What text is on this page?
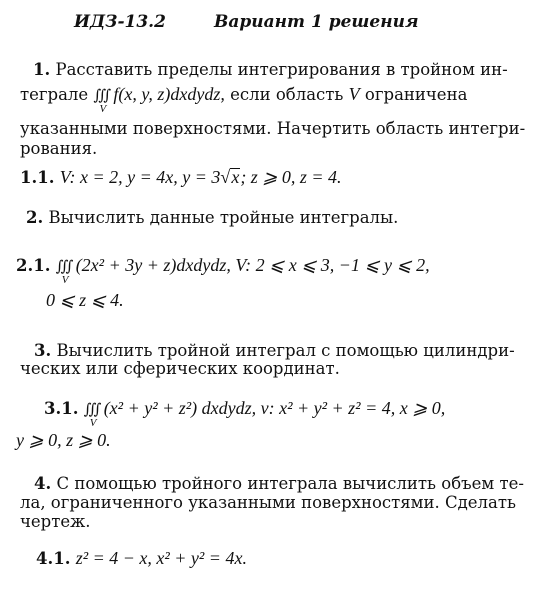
ИДЗ-13.2	Вариант 1 решения
1. Расставить пределы интегрирования в тройном ин-
теграле ∭
V
f(x, y, z)dxdydz, если область V ограничена
указанными поверхностями. Начертить область интегри-
рования.
1.1. V: x = 2, y = 4x, y = 3√x; z ⩾ 0, z = 4.
2. Вычислить данные тройные интегралы.
2.1. ∭
V
(2x² + 3y + z)dxdydz, V: 2 ⩽ x ⩽ 3, −1 ⩽ y ⩽ 2,
0 ⩽ z ⩽ 4.
3. Вычислить тройной интеграл с помощью цилиндри-
ческих или сферических координат.
3.1. ∭
V
(x² + y² + z²) dxdydz, v: x² + y² + z² = 4, x ⩾ 0,
y ⩾ 0, z ⩾ 0.
4. С помощью тройного интеграла вычислить объем те-
ла, ограниченного указанными поверхностями. Сделать
чертеж.
4.1. z² = 4 − x, x² + y² = 4x.
